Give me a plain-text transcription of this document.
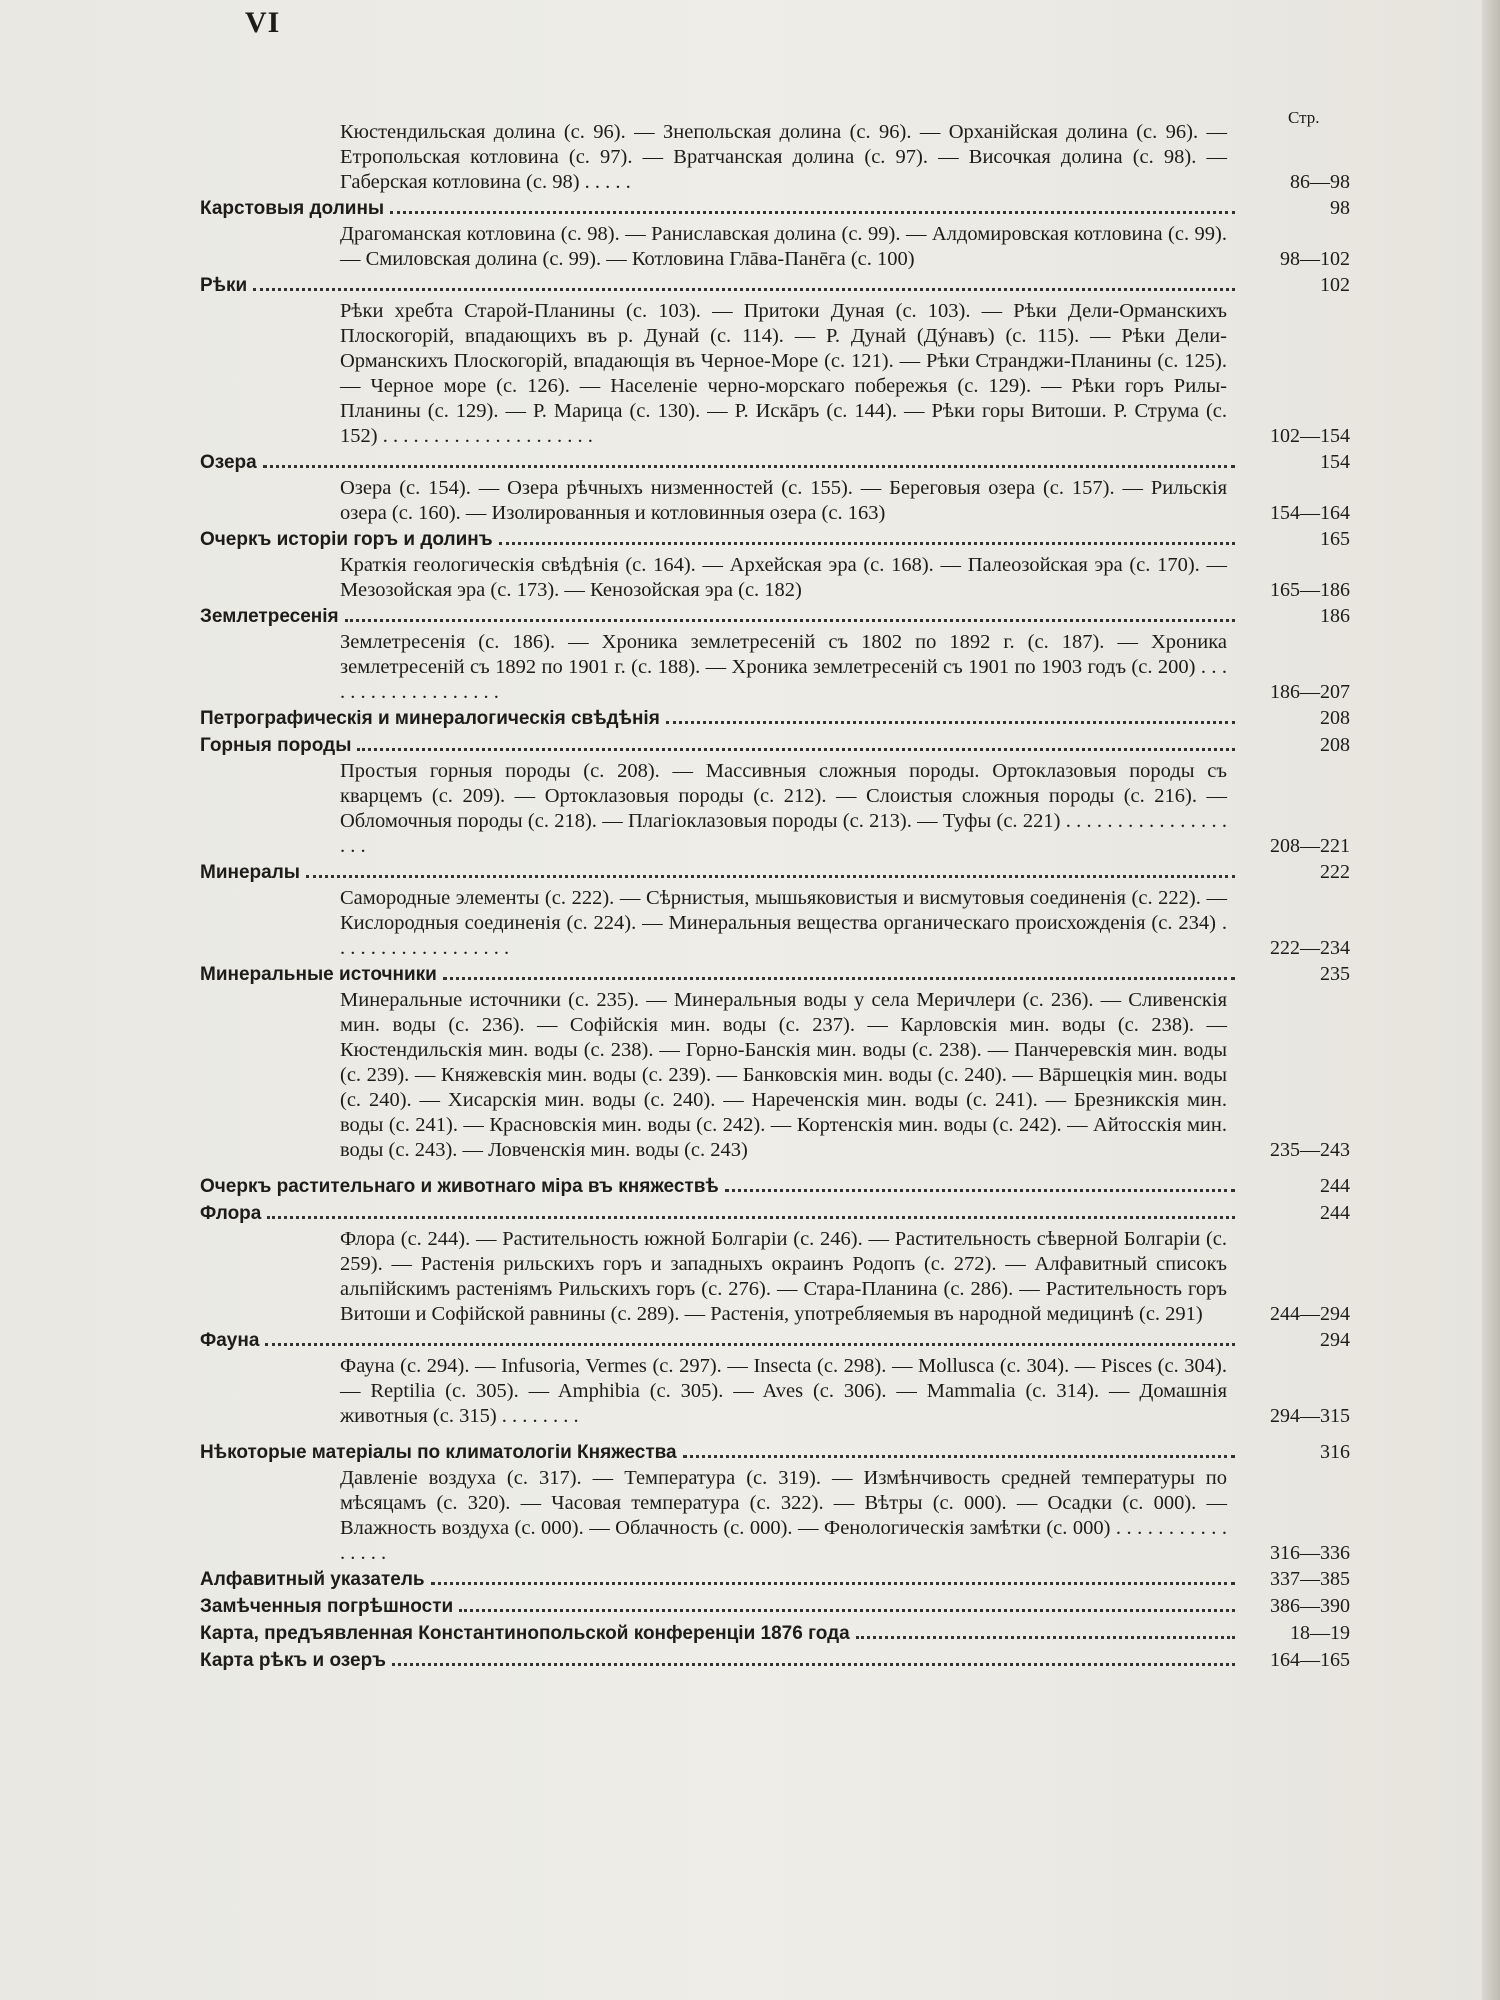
VI
Стр.
Кюстендильская долина (с. 96). — Знепольская долина (с. 96). — Орханійская долина (с. 96). — Етропольская котловина (с. 97). — Вратчанская долина (с. 97). — Височкая долина (с. 98). — Габерская котловина (с. 98) . . . . .	86—98
Карстовыя долины	98
Драгоманская котловина (с. 98). — Раниславская долина (с. 99). — Алдомировская котловина (с. 99). — Смиловская долина (с. 99). — Котловина Глāва-Панēга (с. 100)	98—102
Рѣки	102
Рѣки хребта Старой-Планины (с. 103). — Притоки Дуная (с. 103). — Рѣки Дели-Орманскихъ Плоскогорій, впадающихъ въ р. Дунай (с. 114). — Р. Дунай (Дýнавъ) (с. 115). — Рѣки Дели-Орманскихъ Плоскогорій, впадающія въ Черное-Море (с. 121). — Рѣки Странджи-Планины (с. 125). — Черное море (с. 126). — Населеніе черно-морскаго побережья (с. 129). — Рѣки горъ Рилы-Планины (с. 129). — Р. Марица (с. 130). — Р. Искāръ (с. 144). — Рѣки горы Витоши. Р. Струма (с. 152) . . . . . . . . . . . . . . . . . . . . .	102—154
Озера	154
Озера (с. 154). — Озера рѣчныхъ низменностей (с. 155). — Береговыя озера (с. 157). — Рильскія озера (с. 160). — Изолированныя и котловинныя озера (с. 163)	154—164
Очеркъ исторіи горъ и долинъ	165
Краткія геологическія свѣдѣнія (с. 164). — Архейская эра (с. 168). — Палеозойская эра (с. 170). — Мезозойская эра (с. 173). — Кенозойская эра (с. 182)	165—186
Землетресенія	186
Землетресенія (с. 186). — Хроника землетресеній съ 1802 по 1892 г. (с. 187). — Хроника землетресеній съ 1892 по 1901 г. (с. 188). — Хроника землетресеній съ 1901 по 1903 годъ (с. 200) . . . . . . . . . . . . . . . . . . .	186—207
Петрографическія и минералогическія свѣдѣнія	208
Горныя породы	208
Простыя горныя породы (с. 208). — Массивныя сложныя породы. Ортоклазовыя породы съ кварцемъ (с. 209). — Ортоклазовыя породы (с. 212). — Слоистыя сложныя породы (с. 216). — Обломочныя породы (с. 218). — Плагіоклазовыя породы (с. 213). — Туфы (с. 221) . . . . . . . . . . . . . . . . . . .	208—221
Минералы	222
Самородные элементы (с. 222). — Сѣрнистыя, мышьяковистыя и висмутовыя соединенія (с. 222). — Кислородныя соединенія (с. 224). — Минеральныя вещества органическаго происхожденія (с. 234) . . . . . . . . . . . . . . . . . .	222—234
Минеральные источники	235
Минеральные источники (с. 235). — Минеральныя воды у села Меричлери (с. 236). — Сливенскія мин. воды (с. 236). — Софійскія мин. воды (с. 237). — Карловскія мин. воды (с. 238). — Кюстендильскія мин. воды (с. 238). — Горно-Банскія мин. воды (с. 238). — Панчеревскія мин. воды (с. 239). — Княжевскія мин. воды (с. 239). — Банковскія мин. воды (с. 240). — Вāршецкія мин. воды (с. 240). — Хисарскія мин. воды (с. 240). — Нареченскія мин. воды (с. 241). — Брезникскія мин. воды (с. 241). — Красновскія мин. воды (с. 242). — Кортенскія мин. воды (с. 242). — Айтосскія мин. воды (с. 243). — Ловченскія мин. воды (с. 243)	235—243
Очеркъ растительнаго и животнаго міра въ княжествѣ	244
Флора	244
Флора (с. 244). — Растительность южной Болгаріи (с. 246). — Растительность сѣверной Болгаріи (с. 259). — Растенія рильскихъ горъ и западныхъ окраинъ Родопъ (с. 272). — Алфавитный списокъ альпійскимъ растеніямъ Рильскихъ горъ (с. 276). — Стара-Планина (с. 286). — Растительность горъ Витоши и Софійской равнины (с. 289). — Растенія, употребляемыя въ народной медицинѣ (с. 291)	244—294
Фауна	294
Фауна (с. 294). — Infusoria, Vermes (с. 297). — Insecta (с. 298). — Mollusca (с. 304). — Pisces (с. 304). — Reptilia (с. 305). — Amphibia (с. 305). — Aves (с. 306). — Mammalia (с. 314). — Домашнія животныя (с. 315) . . . . . . . .	294—315
Нѣкоторые матеріалы по климатологіи Княжества	316
Давленіе воздуха (с. 317). — Температура (с. 319). — Измѣнчивость средней температуры по мѣсяцамъ (с. 320). — Часовая температура (с. 322). — Вѣтры (с. 000). — Осадки (с. 000). — Влажность воздуха (с. 000). — Облачность (с. 000). — Фенологическія замѣтки (с. 000) . . . . . . . . . . . . . . . .	316—336
Алфавитный указатель	337—385
Замѣченныя погрѣшности	386—390
Карта, предъявленная Константинопольской конференціи 1876 года	18—19
Карта рѣкъ и озеръ	164—165
